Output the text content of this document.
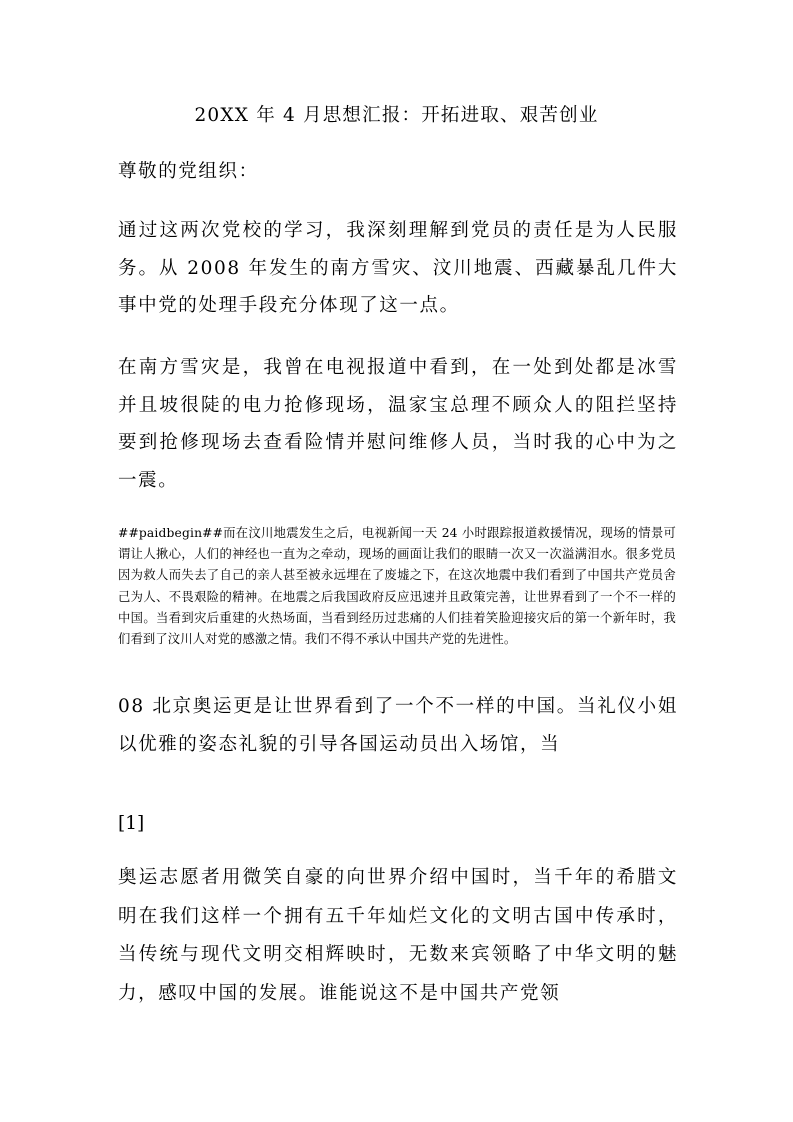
20XX 年 4 月思想汇报：开拓进取、艰苦创业

尊敬的党组织：

通过这两次党校的学习，我深刻理解到党员的责任是为人民服务。从 2008 年发生的南方雪灾、汶川地震、西藏暴乱几件大事中党的处理手段充分体现了这一点。

在南方雪灾是，我曾在电视报道中看到，在一处到处都是冰雪并且坡很陡的电力抢修现场，温家宝总理不顾众人的阻拦坚持要到抢修现场去查看险情并慰问维修人员，当时我的心中为之一震。

##paidbegin##而在汶川地震发生之后，电视新闻一天 24 小时跟踪报道救援情况，现场的情景可谓让人揪心，人们的神经也一直为之牵动，现场的画面让我们的眼睛一次又一次溢满泪水。很多党员因为救人而失去了自己的亲人甚至被永远埋在了废墟之下，在这次地震中我们看到了中国共产党员舍己为人、不畏艰险的精神。在地震之后我国政府反应迅速并且政策完善，让世界看到了一个不一样的中国。当看到灾后重建的火热场面，当看到经历过悲痛的人们挂着笑脸迎接灾后的第一个新年时，我们看到了汶川人对党的感激之情。我们不得不承认中国共产党的先进性。

08 北京奥运更是让世界看到了一个不一样的中国。当礼仪小姐以优雅的姿态礼貌的引导各国运动员出入场馆，当

[1]

奥运志愿者用微笑自豪的向世界介绍中国时，当千年的希腊文明在我们这样一个拥有五千年灿烂文化的文明古国中传承时，当传统与现代文明交相辉映时，无数来宾领略了中华文明的魅力，感叹中国的发展。谁能说这不是中国共产党领
